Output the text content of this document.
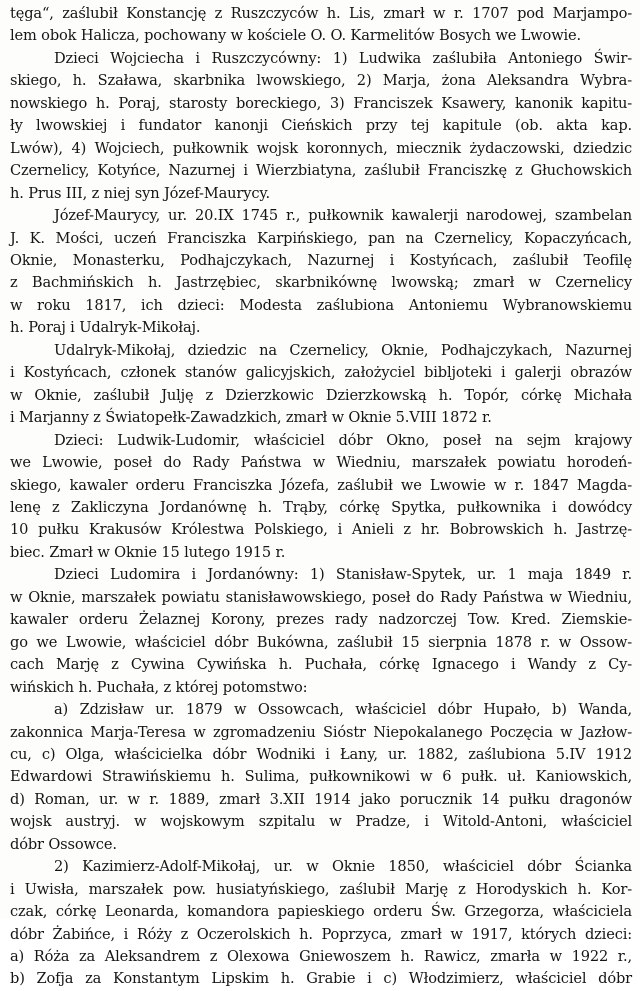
tęga“, zaślubił Konstancję z Ruszczyców h. Lis, zmarł w r. 1707 pod Marjampo-
lem obok Halicza, pochowany w kościele O. O. Karmelitów Bosych we Lwowie.
Dzieci Wojciecha i Ruszczycówny: 1) Ludwika zaślubiła Antoniego Świr-
skiego, h. Szaława, skarbnika lwowskiego, 2) Marja, żona Aleksandra Wybra-
nowskiego h. Poraj, starosty boreckiego, 3) Franciszek Ksawery, kanonik kapitu-
ły lwowskiej i fundator kanonji Cieńskich przy tej kapitule (ob. akta kap.
Lwów), 4) Wojciech, pułkownik wojsk koronnych, miecznik żydaczowski, dziedzic
Czernelicy, Kotyńce, Nazurnej i Wierzbiatyna, zaślubił Franciszkę z Głuchowskich
h. Prus III, z niej syn Józef-Maurycy.
Józef-Maurycy, ur. 20.IX 1745 r., pułkownik kawalerji narodowej, szambelan
J. K. Mości, uczeń Franciszka Karpińskiego, pan na Czernelicy, Kopaczyńcach,
Oknie, Monasterku, Podhajczykach, Nazurnej i Kostyńcach, zaślubił Teofilę
z Bachmińskich h. Jastrzębiec, skarbnikównę lwowską; zmarł w Czernelicy
w roku 1817, ich dzieci: Modesta zaślubiona Antoniemu Wybranowskiemu
h. Poraj i Udalryk-Mikołaj.
Udalryk-Mikołaj, dziedzic na Czernelicy, Oknie, Podhajczykach, Nazurnej
i Kostyńcach, członek stanów galicyjskich, założyciel bibljoteki i galerji obrazów
w Oknie, zaślubił Julję z Dzierzkowic Dzierzkowską h. Topór, córkę Michała
i Marjanny z Światopełk-Zawadzkich, zmarł w Oknie 5.VIII 1872 r.
Dzieci: Ludwik-Ludomir, właściciel dóbr Okno, poseł na sejm krajowy
we Lwowie, poseł do Rady Państwa w Wiedniu, marszałek powiatu horodeń-
skiego, kawaler orderu Franciszka Józefa, zaślubił we Lwowie w r. 1847 Magda-
lenę z Zakliczyna Jordanównę h. Trąby, córkę Spytka, pułkownika i dowódcy
10 pułku Krakusów Królestwa Polskiego, i Anieli z hr. Bobrowskich h. Jastrzę-
biec. Zmarł w Oknie 15 lutego 1915 r.
Dzieci Ludomira i Jordanówny: 1) Stanisław-Spytek, ur. 1 maja 1849 r.
w Oknie, marszałek powiatu stanisławowskiego, poseł do Rady Państwa w Wiedniu,
kawaler orderu Żelaznej Korony, prezes rady nadzorczej Tow. Kred. Ziemskie-
go we Lwowie, właściciel dóbr Bukówna, zaślubił 15 sierpnia 1878 r. w Ossow-
cach Marję z Cywina Cywińska h. Puchała, córkę Ignacego i Wandy z Cy-
wińskich h. Puchała, z której potomstwo:
a) Zdzisław ur. 1879 w Ossowcach, właściciel dóbr Hupało, b) Wanda,
zakonnica Marja-Teresa w zgromadzeniu Sióstr Niepokalanego Poczęcia w Jazłow-
cu, c) Olga, właścicielka dóbr Wodniki i Łany, ur. 1882, zaślubiona 5.IV 1912
Edwardowi Strawińskiemu h. Sulima, pułkownikowi w 6 pułk. uł. Kaniowskich,
d) Roman, ur. w r. 1889, zmarł 3.XII 1914 jako porucznik 14 pułku dragonów
wojsk austryj. w wojskowym szpitalu w Pradze, i Witold-Antoni, właściciel
dóbr Ossowce.
2) Kazimierz-Adolf-Mikołaj, ur. w Oknie 1850, właściciel dóbr Ścianka
i Uwisła, marszałek pow. husiatyńskiego, zaślubił Marję z Horodyskich h. Kor-
czak, córkę Leonarda, komandora papieskiego orderu Św. Grzegorza, właściciela
dóbr Żabińce, i Róży z Oczerolskich h. Poprzyca, zmarł w 1917, których dzieci:
a) Róża za Aleksandrem z Olexowa Gniewoszem h. Rawicz, zmarła w 1922 r.,
b) Zofja za Konstantym Lipskim h. Grabie i c) Włodzimierz, właściciel dóbr
